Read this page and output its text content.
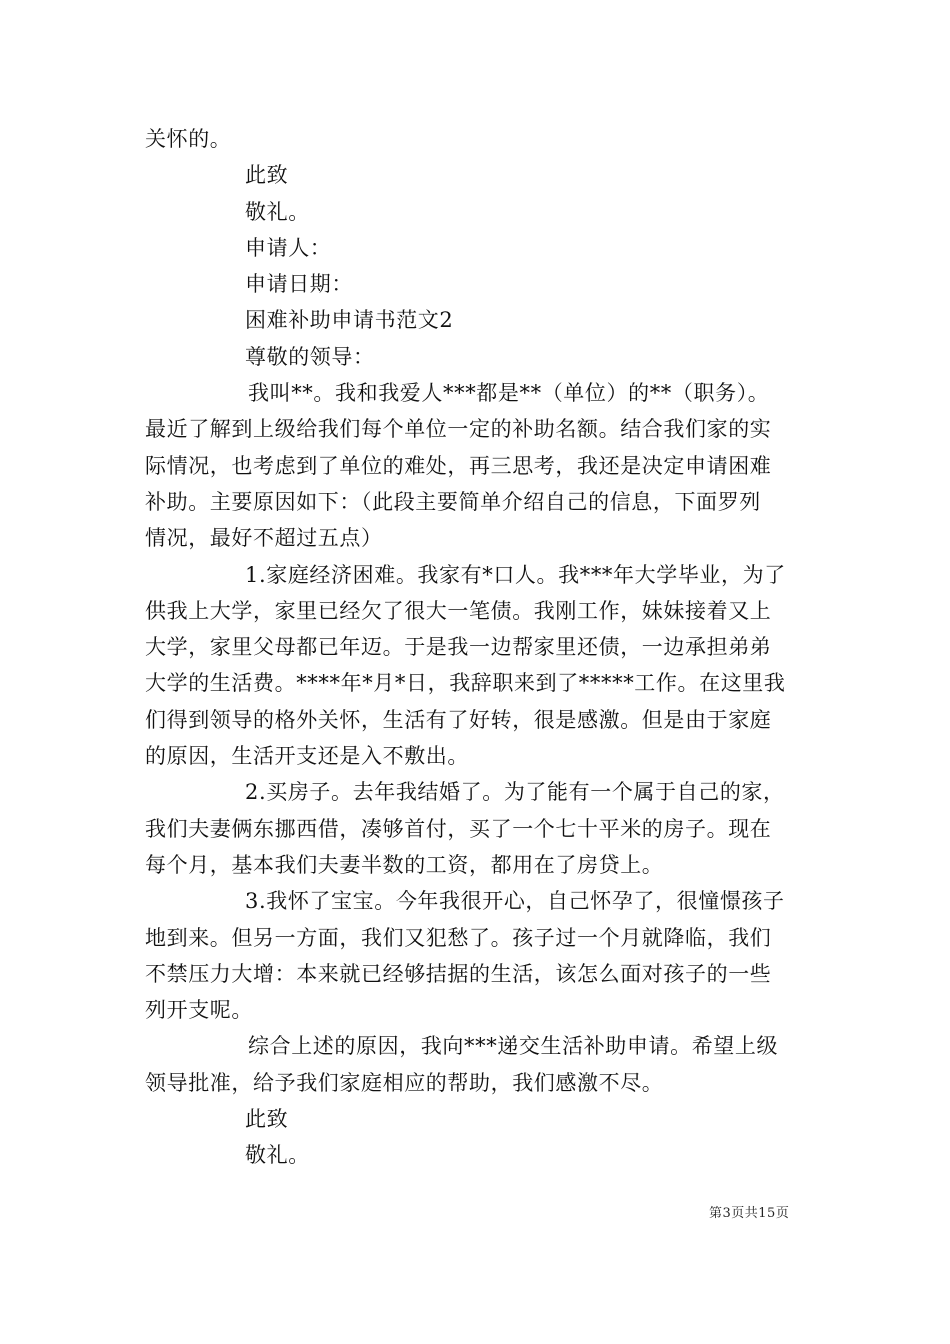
关怀的。
此致
敬礼。
申请人：
申请日期：
困难补助申请书范文2
尊敬的领导：
我叫**。我和我爱人***都是**（单位）的**（职务）。
最近了解到上级给我们每个单位一定的补助名额。结合我们家的实
际情况，也考虑到了单位的难处，再三思考，我还是决定申请困难
补助。主要原因如下：（此段主要简单介绍自己的信息，下面罗列
情况，最好不超过五点）
1.家庭经济困难。我家有*口人。我***年大学毕业，为了
供我上大学，家里已经欠了很大一笔债。我刚工作，妹妹接着又上
大学，家里父母都已年迈。于是我一边帮家里还债，一边承担弟弟
大学的生活费。****年*月*日，我辞职来到了*****工作。在这里我
们得到领导的格外关怀，生活有了好转，很是感激。但是由于家庭
的原因，生活开支还是入不敷出。
2.买房子。去年我结婚了。为了能有一个属于自己的家，
我们夫妻俩东挪西借，凑够首付，买了一个七十平米的房子。现在
每个月，基本我们夫妻半数的工资，都用在了房贷上。
3.我怀了宝宝。今年我很开心，自己怀孕了，很憧憬孩子
地到来。但另一方面，我们又犯愁了。孩子过一个月就降临，我们
不禁压力大增：本来就已经够拮据的生活，该怎么面对孩子的一些
列开支呢。
综合上述的原因，我向***递交生活补助申请。希望上级
领导批准，给予我们家庭相应的帮助，我们感激不尽。
此致
敬礼。
第3页共15页
